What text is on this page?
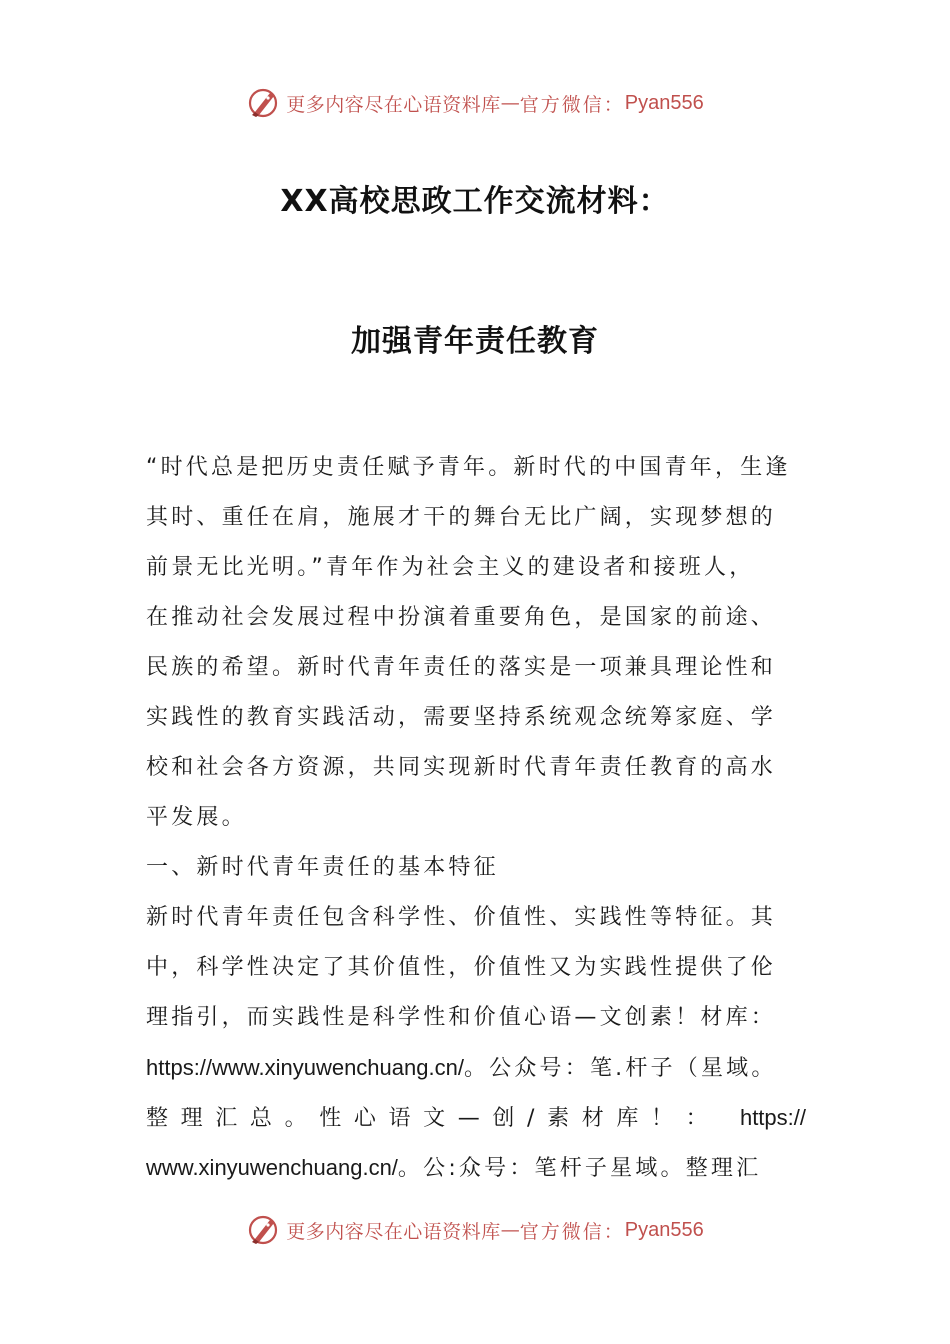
更多内容尽在心语资料库 — 官方微信： Pyan556
XX高校思政工作交流材料：
加强青年责任教育
“时代总是把历史责任赋予青年。新时代的中国青年，生逢
其时、重任在肩，施展才干的舞台无比广阔，实现梦想的
前景无比光明。”青年作为社会主义的建设者和接班人，
在推动社会发展过程中扮演着重要角色，是国家的前途、
民族的希望。新时代青年责任的落实是一项兼具理论性和
实践性的教育实践活动，需要坚持系统观念统筹家庭、学
校和社会各方资源，共同实现新时代青年责任教育的高水
平发展。
一、新时代青年责任的基本特征
新时代青年责任包含科学性、价值性、实践性等特征。其
中，科学性决定了其价值性，价值性又为实践性提供了伦
理指引，而实践性是科学性和价值心语—文创素！材库：
https://www.xinyuwenchuang.cn/。公众号：笔.杆子（星域。
整理汇总。性心语文—创/素材库！： https://
www.xinyuwenchuang.cn/。公:众号：笔杆子星域。整理汇
更多内容尽在心语资料库 — 官方微信： Pyan556
